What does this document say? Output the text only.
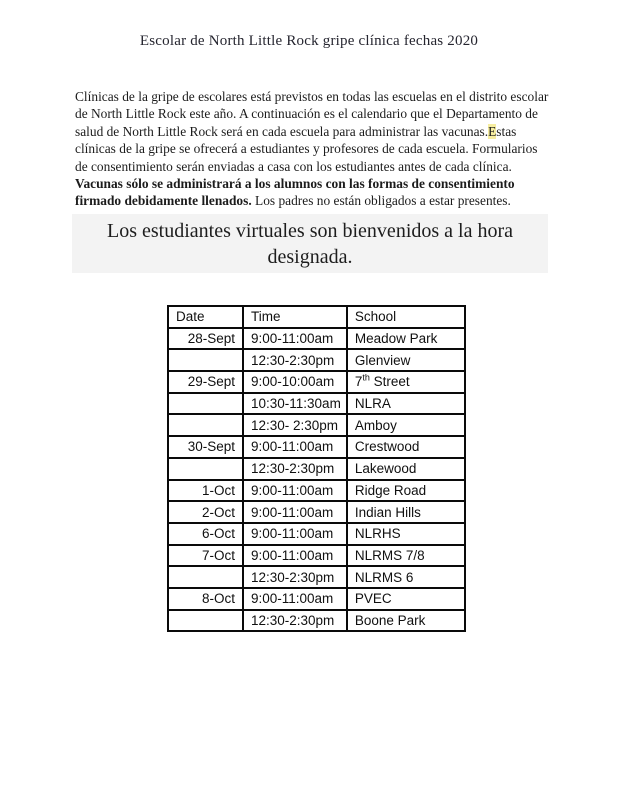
Escolar de North Little Rock gripe clínica fechas 2020
Clínicas de la gripe de escolares está previstos en todas las escuelas en el distrito escolar de North Little Rock este año. A continuación es el calendario que el Departamento de salud de North Little Rock será en cada escuela para administrar las vacunas.Estas clínicas de la gripe se ofrecerá a estudiantes y profesores de cada escuela. Formularios de consentimiento serán enviadas a casa con los estudiantes antes de cada clínica. Vacunas sólo se administrará a los alumnos con las formas de consentimiento firmado debidamente llenados. Los padres no están obligados a estar presentes.
Los estudiantes virtuales son bienvenidos a la hora designada.
Date	Time	School
28-Sept	9:00-11:00am	Meadow Park
	12:30-2:30pm	Glenview
29-Sept	9:00-10:00am	7th Street
	10:30-11:30am	NLRA
	12:30- 2:30pm	Amboy
30-Sept	9:00-11:00am	Crestwood
	12:30-2:30pm	Lakewood
1-Oct	9:00-11:00am	Ridge Road
2-Oct	9:00-11:00am	Indian Hills
6-Oct	9:00-11:00am	NLRHS
7-Oct	9:00-11:00am	NLRMS 7/8
	12:30-2:30pm	NLRMS 6
8-Oct	9:00-11:00am	PVEC
	12:30-2:30pm	Boone Park
